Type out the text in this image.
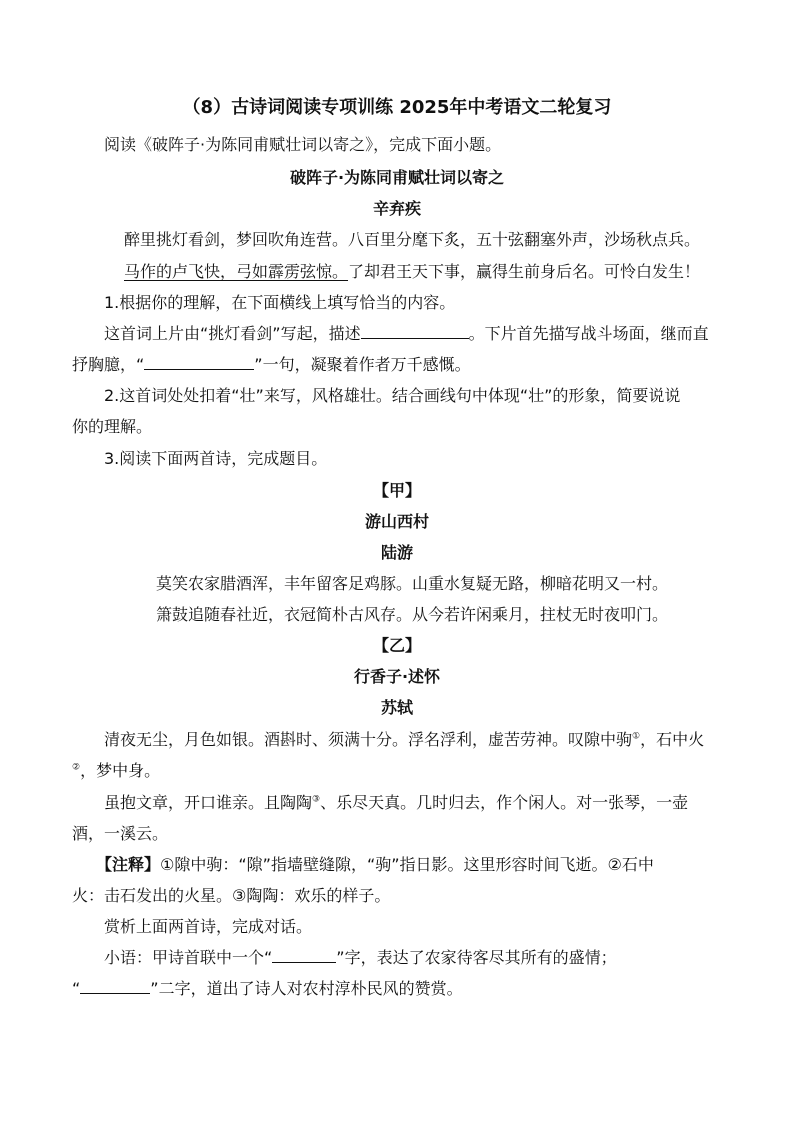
（8）古诗词阅读专项训练 2025年中考语文二轮复习
阅读《破阵子·为陈同甫赋壮词以寄之》，完成下面小题。
破阵子·为陈同甫赋壮词以寄之
辛弃疾
醉里挑灯看剑，梦回吹角连营。八百里分麾下炙，五十弦翻塞外声，沙场秋点兵。
马作的卢飞快，弓如霹雳弦惊。了却君王天下事，赢得生前身后名。可怜白发生！
1.根据你的理解，在下面横线上填写恰当的内容。
这首词上片由“挑灯看剑”写起，描述	。下片首先描写战斗场面，继而直
抒胸臆，“	”一句，凝聚着作者万千感慨。
2.这首词处处扣着“壮”来写，风格雄壮。结合画线句中体现“壮”的形象，简要说说
你的理解。
3.阅读下面两首诗，完成题目。
【甲】
游山西村
陆游
莫笑农家腊酒浑，丰年留客足鸡豚。山重水复疑无路，柳暗花明又一村。
箫鼓追随春社近，衣冠简朴古风存。从今若许闲乘月，拄杖无时夜叩门。
【乙】
行香子·述怀
苏轼
清夜无尘，月色如银。酒斟时、须满十分。浮名浮利，虚苦劳神。叹隙中驹①，石中火
②，梦中身。
虽抱文章，开口谁亲。且陶陶③、乐尽天真。几时归去，作个闲人。对一张琴，一壶
酒，一溪云。
【注释】①隙中驹：“隙”指墙壁缝隙，“驹”指日影。这里形容时间飞逝。②石中
火：击石发出的火星。③陶陶：欢乐的样子。
赏析上面两首诗，完成对话。
小语：甲诗首联中一个“	”字，表达了农家待客尽其所有的盛情；
“	”二字，道出了诗人对农村淳朴民风的赞赏。
